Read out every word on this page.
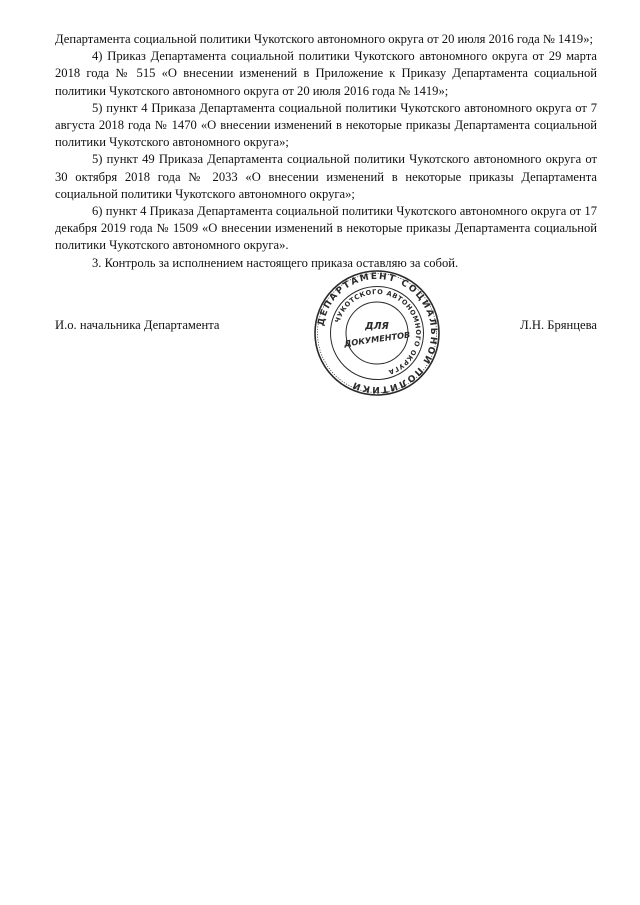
Департамента социальной политики Чукотского автономного округа от 20 июля 2016 года № 1419»;

4) Приказ Департамента социальной политики Чукотского автономного округа от 29 марта 2018 года № 515 «О внесении изменений в Приложение к Приказу Департамента социальной политики Чукотского автономного округа от 20 июля 2016 года № 1419»;

5) пункт 4 Приказа Департамента социальной политики Чукотского автономного округа от 7 августа 2018 года № 1470 «О внесении изменений в некоторые приказы Департамента социальной политики Чукотского автономного округа»;

5) пункт 49 Приказа Департамента социальной политики Чукотского автономного округа от 30 октября 2018 года № 2033 «О внесении изменений в некоторые приказы Департамента социальной политики Чукотского автономного округа»;

6) пункт 4 Приказа Департамента социальной политики Чукотского автономного округа от 17 декабря 2019 года № 1509 «О внесении изменений в некоторые приказы Департамента социальной политики Чукотского автономного округа».

3. Контроль за исполнением настоящего приказа оставляю за собой.

И.о. начальника Департамента	ДЕПАРТАМЕНТ СОЦИАЛЬНОЙ ПОЛИТИКИ
ЧУКОТСКОГО АВТОНОМНОГО ОКРУГА
ДЛЯ
ДОКУМЕНТОВ
Л.Н. Брянцева
